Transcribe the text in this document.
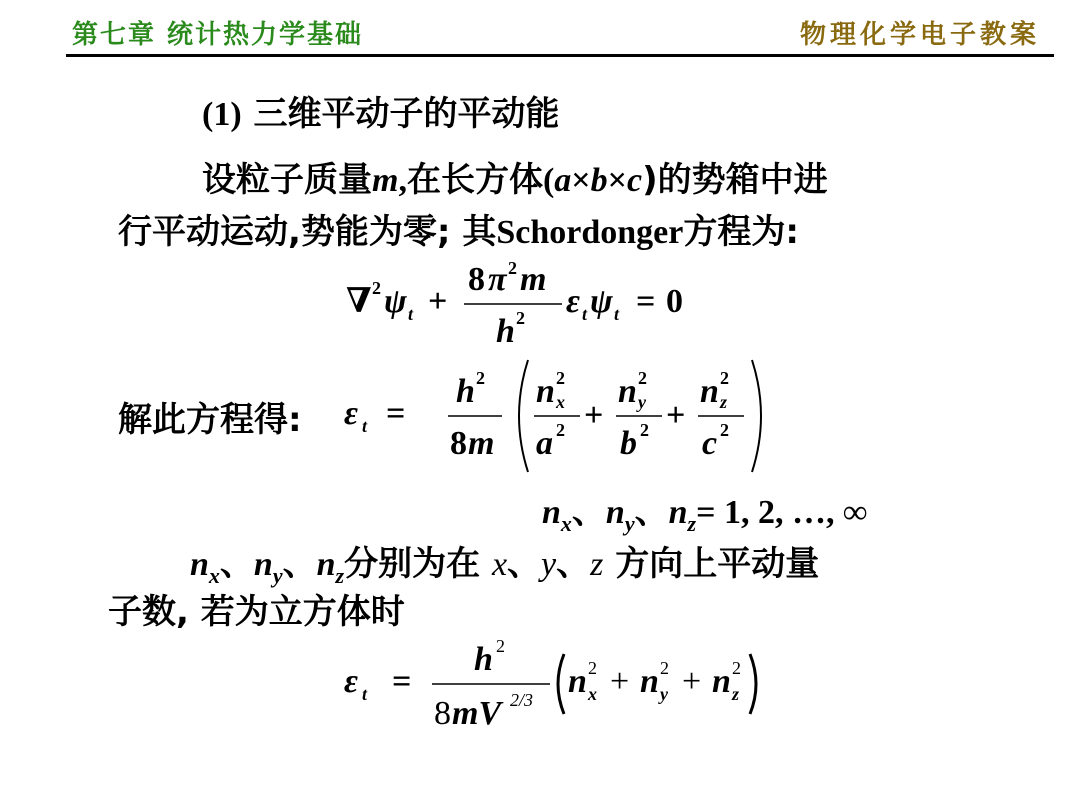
第七章 统计热力学基础	物理化学电子教案
(1) 三维平动子的平动能
设粒子质量m,在长方体(a×b×c)的势箱中进
行平动运动,势能为零; 其Schordonger方程为:
∇ 2 ψ t +
8 π 2 m
h 2 ε t ψ t = 0
解此方程得: ε t =
h 2
8 m
n 2
x
a 2 +
n 2
y
b 2 +
n 2
z
c 2
$n_x$、$n_y$、$n_z= 1$, 2, …, ∞
$n_x$、$n_y$、$n_z$分别为在 x、y、z 方向上平动量
子数, 若为立方体时
ε t =
h 2
8 mV 2/3 n 2
x + n 2
y + n 2
z
